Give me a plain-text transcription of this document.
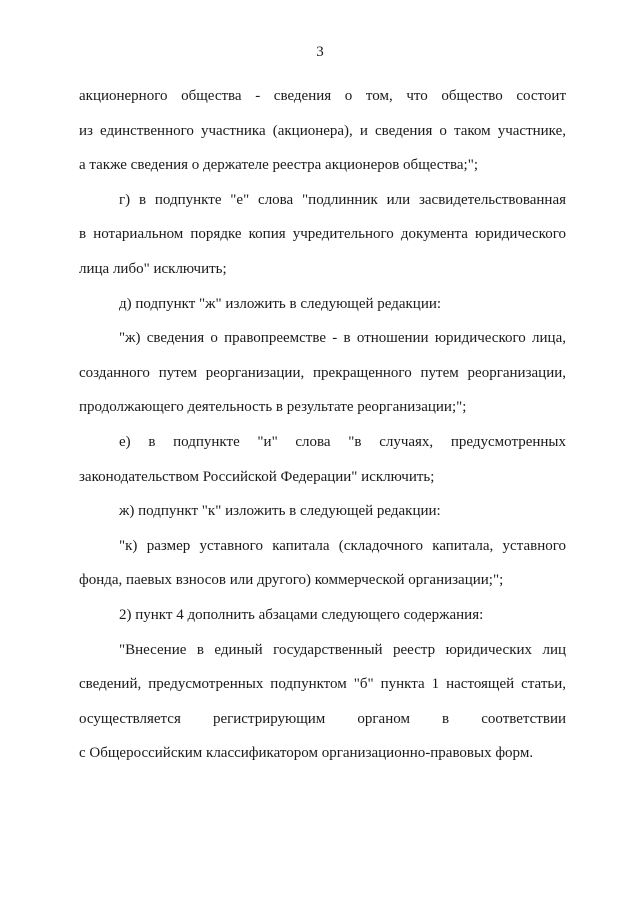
3
акционерного общества - сведения о том, что общество состоит
из единственного участника (акционера), и сведения о таком участнике,
а также сведения о держателе реестра акционеров общества;";
г) в подпункте "е" слова "подлинник или засвидетельствованная
в нотариальном порядке копия учредительного документа юридического
лица либо" исключить;
д) подпункт "ж" изложить в следующей редакции:
"ж) сведения о правопреемстве - в отношении юридического лица,
созданного путем реорганизации, прекращенного путем реорганизации,
продолжающего деятельность в результате реорганизации;";
е) в подпункте "и" слова "в случаях, предусмотренных
законодательством Российской Федерации" исключить;
ж) подпункт "к" изложить в следующей редакции:
"к) размер уставного капитала (складочного капитала, уставного
фонда, паевых взносов или другого) коммерческой организации;";
2) пункт 4 дополнить абзацами следующего содержания:
"Внесение в единый государственный реестр юридических лиц
сведений, предусмотренных подпунктом "б" пункта 1 настоящей статьи,
осуществляется регистрирующим органом в соответствии
с Общероссийским классификатором организационно-правовых форм.
